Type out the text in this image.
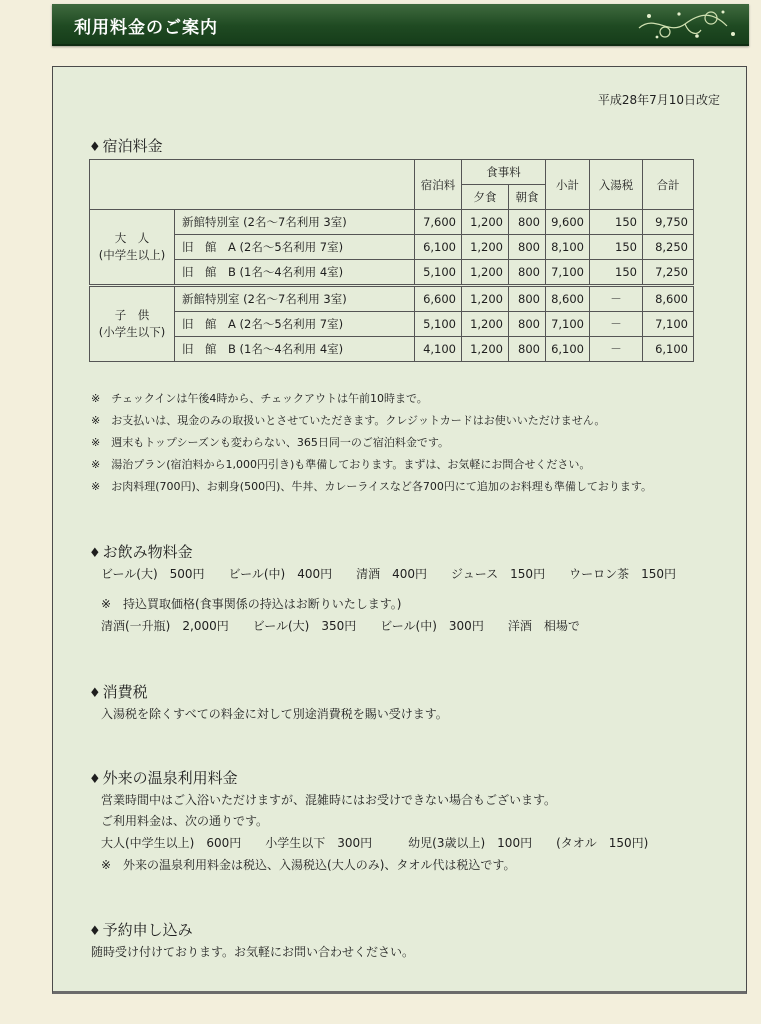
利用料金のご案内
平成28年7月10日改定
♦ 宿泊料金
		宿泊料	食事料		小計	入湯税	合計
			夕食	朝食			
大　人
(中学生以上)	新館特別室 (2名～7名利用 3室)	7,600	1,200	800	9,600	150	9,750
	旧　館　A (2名～5名利用 7室)	6,100	1,200	800	8,100	150	8,250
	旧　館　B (1名～4名利用 4室)	5,100	1,200	800	7,100	150	7,250
子　供
(小学生以下)	新館特別室 (2名～7名利用 3室)	6,600	1,200	800	8,600	－	8,600
	旧　館　A (2名～5名利用 7室)	5,100	1,200	800	7,100	－	7,100
	旧　館　B (1名～4名利用 4室)	4,100	1,200	800	6,100	－	6,100
※　チェックインは午後4時から、チェックアウトは午前10時まで。
※　お支払いは、現金のみの取扱いとさせていただきます。クレジットカードはお使いいただけません。
※　週末もトップシーズンも変わらない、365日同一のご宿泊料金です。
※　湯治プラン(宿泊料から1,000円引き)も準備しております。まずは、お気軽にお問合せください。
※　お肉料理(700円)、お刺身(500円)、牛丼、カレーライスなど各700円にて追加のお料理も準備しております。
♦ お飲み物料金
ビール(大)　500円　　ビール(中)　400円　　清酒　400円　　ジュース　150円　　ウーロン茶　150円
※　持込買取価格(食事関係の持込はお断りいたします。)
清酒(一升瓶)　2,000円　　ビール(大)　350円　　ビール(中)　300円　　洋酒　相場で
♦ 消費税
入湯税を除くすべての料金に対して別途消費税を賜い受けます。
♦ 外来の温泉利用料金
営業時間中はご入浴いただけますが、混雑時にはお受けできない場合もございます。
ご利用料金は、次の通りです。
大人(中学生以上)　600円　　小学生以下　300円　　　幼児(3歳以上)　100円　　(タオル　150円)
※　外来の温泉利用料金は税込、入湯税込(大人のみ)、タオル代は税込です。
♦ 予約申し込み
随時受け付けております。お気軽にお問い合わせください。
